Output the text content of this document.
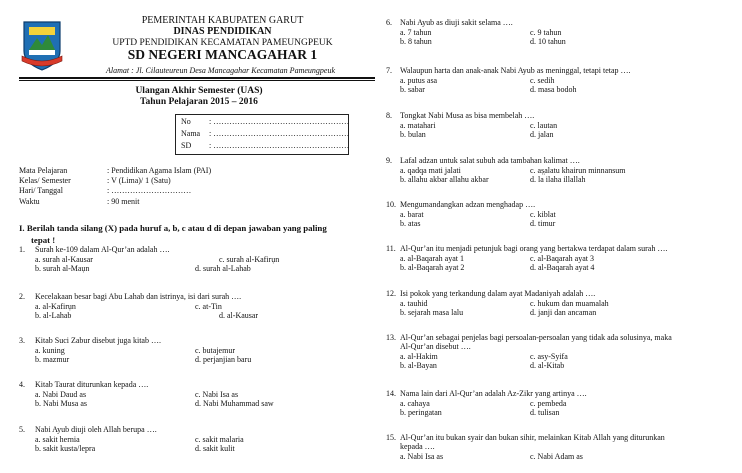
PEMERINTAH KABUPATEN GARUT
DINAS PENDIDIKAN
UPTD PENDIDIKAN KECAMATAN PAMEUNGPEUK
SD NEGERI MANCAGAHAR 1
Alamat : Jl. Cilauteureun Desa Mancagahar Kecamatan Pameungpeuk
Ulangan Akhir Semester (UAS)
Tahun Pelajaran 2015 – 2016
No : ……………………………………………
Nama : ……………………………………………
SD : ……………………………………………
Mata Pelajaran	: Pendidikan Agama Islam (PAI)
Kelas/ Semester	: V (Lima)/ 1 (Satu)
Hari/ Tanggal	: …………………………
Waktu	: 90 menit
I. Berilah tanda silang (X) pada huruf a, b, c atau d di depan jawaban yang paling
tepat !
1. Surah ke-109 dalam Al-Qur’an adalah ….
a. surah al-Kausar
b. surah al-Maụn
c. surah al-Kafirụn
d. surah al-Lahab
2. Kecelakaan besar bagi Abu Lahab dan istrinya, isi dari surah ….
a. al-Kafirụn
b. al-Lahab
c. at-Tin
d. al-Kausar
3. Kitab Suci Zabur disebut juga kitab ….
a. kuning
b. mazmur
c. butajemur
d. perjanjian baru
4. Kitab Taurat diturunkan kepada ….
a. Nabi Daud as
b. Nabi Musa as
c. Nabi Isa as
d. Nabi Muhammad saw
5. Nabi Ayub diuji oleh Allah berupa ….
a. sakit hernia
b. sakit kusta/lepra
c. sakit malaria
d. sakit kulit
6. Nabi Ayub as diuji sakit selama ….
a. 7 tahun
b. 8 tahun
c. 9 tahun
d. 10 tahun
7. Walaupun harta dan anak-anak Nabi Ayub as meninggal, tetapi tetap ….
a. putus asa
b. sabar
c. sedih
d. masa bodoh
8. Tongkat Nabi Musa as bisa membelah ….
a. matahari
b. bulan
c. lautan
d. jalan
9. Lafal adzan untuk salat subuh ada tambahan kalimat ….
a. qadqa mati ̣jalati
b. allahu akbar allahu akbar
c. aṣ̣alatu khairun minnansum
d. la ilaha illallah
10. Mengumandangkan adzan menghadap ….
a. barat
b. atas
c. kiblat
d. timur
11. Al-Qur’an itu menjadi petunjuk bagi orang yang bertakwa terdapat dalam surah ….
a. al-Baqarah ayat 1
b. al-Baqarah ayat 2
c. al-Baqarah ayat 3
d. al-Baqarah ayat 4
12. Isi pokok yang terkandung dalam ayat Madaniyah adalah ….
a. tauhid
b. sejarah masa lalu
c. hukum dan muamalah
d. janji dan ancaman
13. Al-Qur’an sebagai penjelas bagi persoalan-persoalan yang tidak ada solusinya, maka
Al-Qur’an disebut ….
a. al-Hakim
b. al-Bayan
c. asy-Syifa
d. al-Kitab
14. Nama lain dari Al-Qur’an adalah Az-Zikr yang artinya ….
a. cahaya
b. peringatan
c. pembeda
d. tulisan
15. Al-Qur’an itu bukan syair dan bukan sihir, melainkan Kitab Allah yang diturunkan
kepada ….
a. Nabi Isa as	c. Nabi Adam as
